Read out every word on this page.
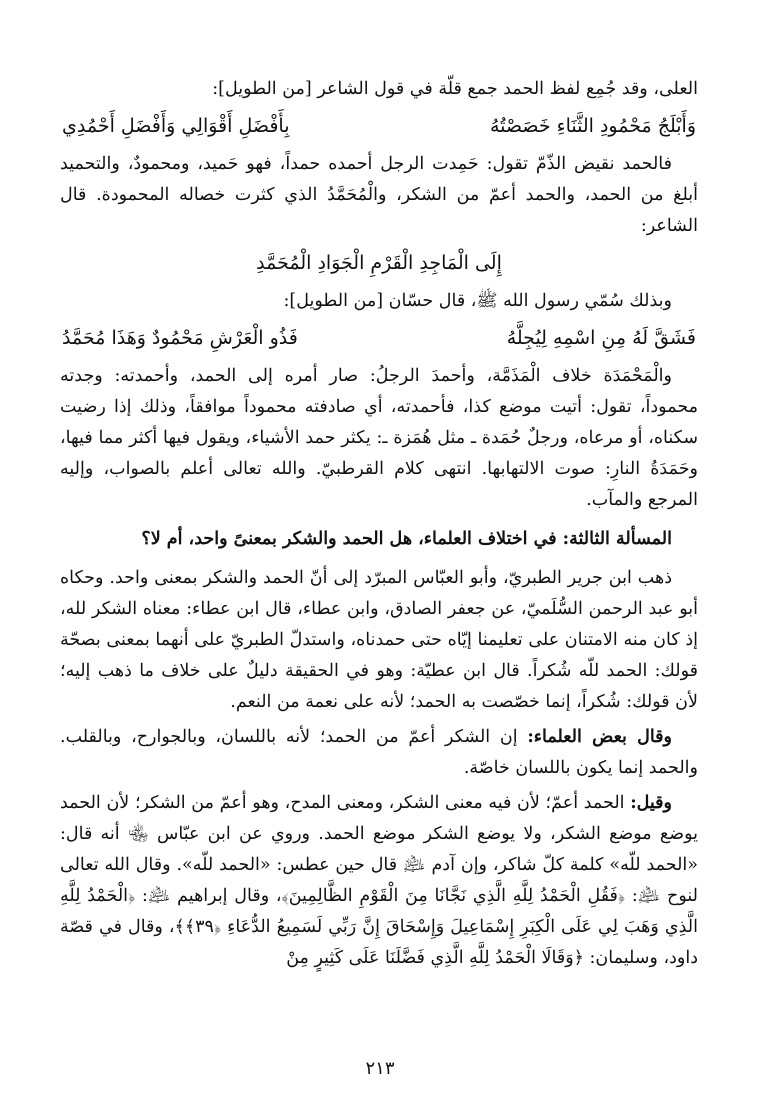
العلى، وقد جُمِع لفظ الحمد جمع قلّة في قول الشاعر [من الطويل]:

وَأَبْلَجُ مَحْمُودِ الثَّنَاءِ خَصَصْتُهُ
بِأَفْضَلِ أَقْوَالِي وَأَفْضَلِ أَحْمُدِي

فالحمد نقيض الذّمّ تقول: حَمِدت الرجل أحمده حمداً، فهو حَميد، ومحمودٌ، والتحميد أبلغ من الحمد، والحمد أعمّ من الشكر، والْمُحَمَّدُ الذي كثرت خصاله المحمودة. قال الشاعر:

إِلَى الْمَاجِدِ الْقَرْمِ الْجَوَادِ الْمُحَمَّدِ

وبذلك سُمّي رسول الله ﷺ، قال حسّان [من الطويل]:

فَشَقَّ لَهُ مِنِ اسْمِهِ لِيُجِلَّهُ
فَذُو الْعَرْشِ مَحْمُودٌ وَهَذَا مُحَمَّدُ

والْمَحْمَدَة خلاف الْمَذَمَّة، وأحمدَ الرجلُ: صار أمره إلى الحمد، وأحمدته: وجدته محموداً، تقول: أتيت موضع كذا، فأحمدته، أي صادفته محموداً موافقاً، وذلك إذا رضيت سكناه، أو مرعاه، ورجلٌ حُمَدة ـ مثل هُمَزة ـ: يكثر حمد الأشياء، ويقول فيها أكثر مما فيها، وحَمَدَةُ النارِ: صوت الالتهابها. انتهى كلام القرطبيّ. والله تعالى أعلم بالصواب، وإليه المرجع والمآب.

المسألة الثالثة: في اختلاف العلماء، هل الحمد والشكر بمعنىً واحد، أم لا؟

ذهب ابن جرير الطبريّ، وأبو العبّاس المبرّد إلى أنّ الحمد والشكر بمعنى واحد. وحكاه أبو عبد الرحمن السُّلَميّ، عن جعفر الصادق، وابن عطاء، قال ابن عطاء: معناه الشكر لله، إذ كان منه الامتنان على تعليمنا إيّاه حتى حمدناه، واستدلّ الطبريّ على أنهما بمعنى بصحّة قولك: الحمد للّه شُكراً. قال ابن عطيّة: وهو في الحقيقة دليلٌ على خلاف ما ذهب إليه؛ لأن قولك: شُكراً، إنما خصّصت به الحمد؛ لأنه على نعمة من النعم.

وقال بعض العلماء: إن الشكر أعمّ من الحمد؛ لأنه باللسان، وبالجوارح، وبالقلب. والحمد إنما يكون باللسان خاصّة.

وقيل: الحمد أعمّ؛ لأن فيه معنى الشكر، ومعنى المدح، وهو أعمّ من الشكر؛ لأن الحمد يوضع موضع الشكر، ولا يوضع الشكر موضع الحمد. وروي عن ابن عبّاس ﵄ أنه قال: «الحمد للّه» كلمة كلّ شاكر، وإن آدم ﵇ قال حين عطس: «الحمد للّه». وقال الله تعالى لنوح ﵇: ﴿فَقُلِ الْحَمْدُ لِلَّهِ الَّذِي نَجَّانَا مِنَ الْقَوْمِ الظَّالِمِينَ﴾، وقال إبراهيم ﵇: ﴿الْحَمْدُ لِلَّهِ الَّذِي وَهَبَ لِي عَلَى الْكِبَرِ إِسْمَاعِيلَ وَإِسْحَاقَ إِنَّ رَبِّي لَسَمِيعُ الدُّعَاءِ ﴿٣٩﴾﴾، وقال في قصّة داود، وسليمان: ﴿وَقَالَا الْحَمْدُ لِلَّهِ الَّذِي فَضَّلَنَا عَلَى كَثِيرٍ مِنْ

٢١٣
